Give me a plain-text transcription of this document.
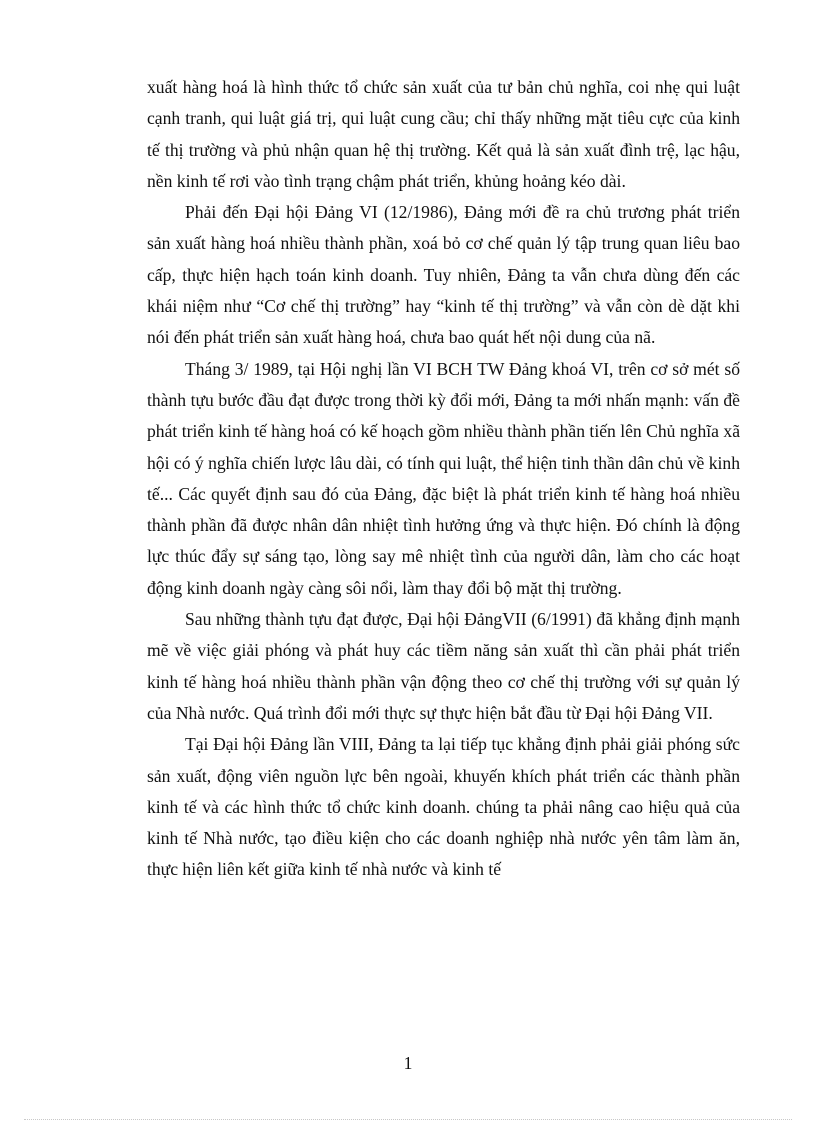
xuất hàng hoá là hình thức tổ chức sản xuất của tư bản chủ nghĩa, coi nhẹ qui luật cạnh tranh, qui luật giá trị, qui luật cung cầu; chỉ thấy những mặt tiêu cực của kinh tế thị trường và phủ nhận quan hệ thị trường. Kết quả là sản xuất đình trệ, lạc hậu, nền kinh tế rơi vào tình trạng chậm phát triển, khủng hoảng kéo dài.

Phải đến Đại hội Đảng VI (12/1986), Đảng mới đề ra chủ trương phát triển sản xuất hàng hoá nhiều thành phần, xoá bỏ cơ chế quản lý tập trung quan liêu bao cấp, thực hiện hạch toán kinh doanh. Tuy nhiên, Đảng ta vẫn chưa dùng đến các khái niệm như “Cơ chế thị trường” hay “kinh tế thị trường” và vẫn còn dè dặt khi nói đến phát triển sản xuất hàng hoá, chưa bao quát hết nội dung của nã.

Tháng 3/ 1989, tại Hội nghị lần VI BCH TW Đảng khoá VI, trên cơ sở mét số thành tựu bước đầu đạt được trong thời kỳ đổi mới, Đảng ta mới nhấn mạnh: vấn đề phát triển kinh tế hàng hoá có kế hoạch gồm nhiều thành phần tiến lên Chủ nghĩa xã hội có ý nghĩa chiến lược lâu dài, có tính qui luật, thể hiện tinh thần dân chủ về kinh tế... Các quyết định sau đó của Đảng, đặc biệt là phát triển kinh tế hàng hoá nhiều thành phần đã được nhân dân nhiệt tình hưởng ứng và thực hiện. Đó chính là động lực thúc đẩy sự sáng tạo, lòng say mê nhiệt tình của người dân, làm cho các hoạt động kinh doanh ngày càng sôi nổi, làm thay đổi bộ mặt thị trường.

Sau những thành tựu đạt được, Đại hội ĐảngVII (6/1991) đã khẳng định mạnh mẽ về việc giải phóng và phát huy các tiềm năng sản xuất thì cần phải phát triển kinh tế hàng hoá nhiều thành phần vận động theo cơ chế thị trường với sự quản lý của Nhà nước. Quá trình đổi mới thực sự thực hiện bắt đầu từ Đại hội Đảng VII.

Tại Đại hội Đảng lần VIII, Đảng ta lại tiếp tục khẳng định phải giải phóng sức sản xuất, động viên nguồn lực bên ngoài, khuyến khích phát triển các thành phần kinh tế và các hình thức tổ chức kinh doanh. chúng ta phải nâng cao hiệu quả của kinh tế Nhà nước, tạo điều kiện cho các doanh nghiệp nhà nước yên tâm làm ăn, thực hiện liên kết giữa kinh tế nhà nước và kinh tế

1
